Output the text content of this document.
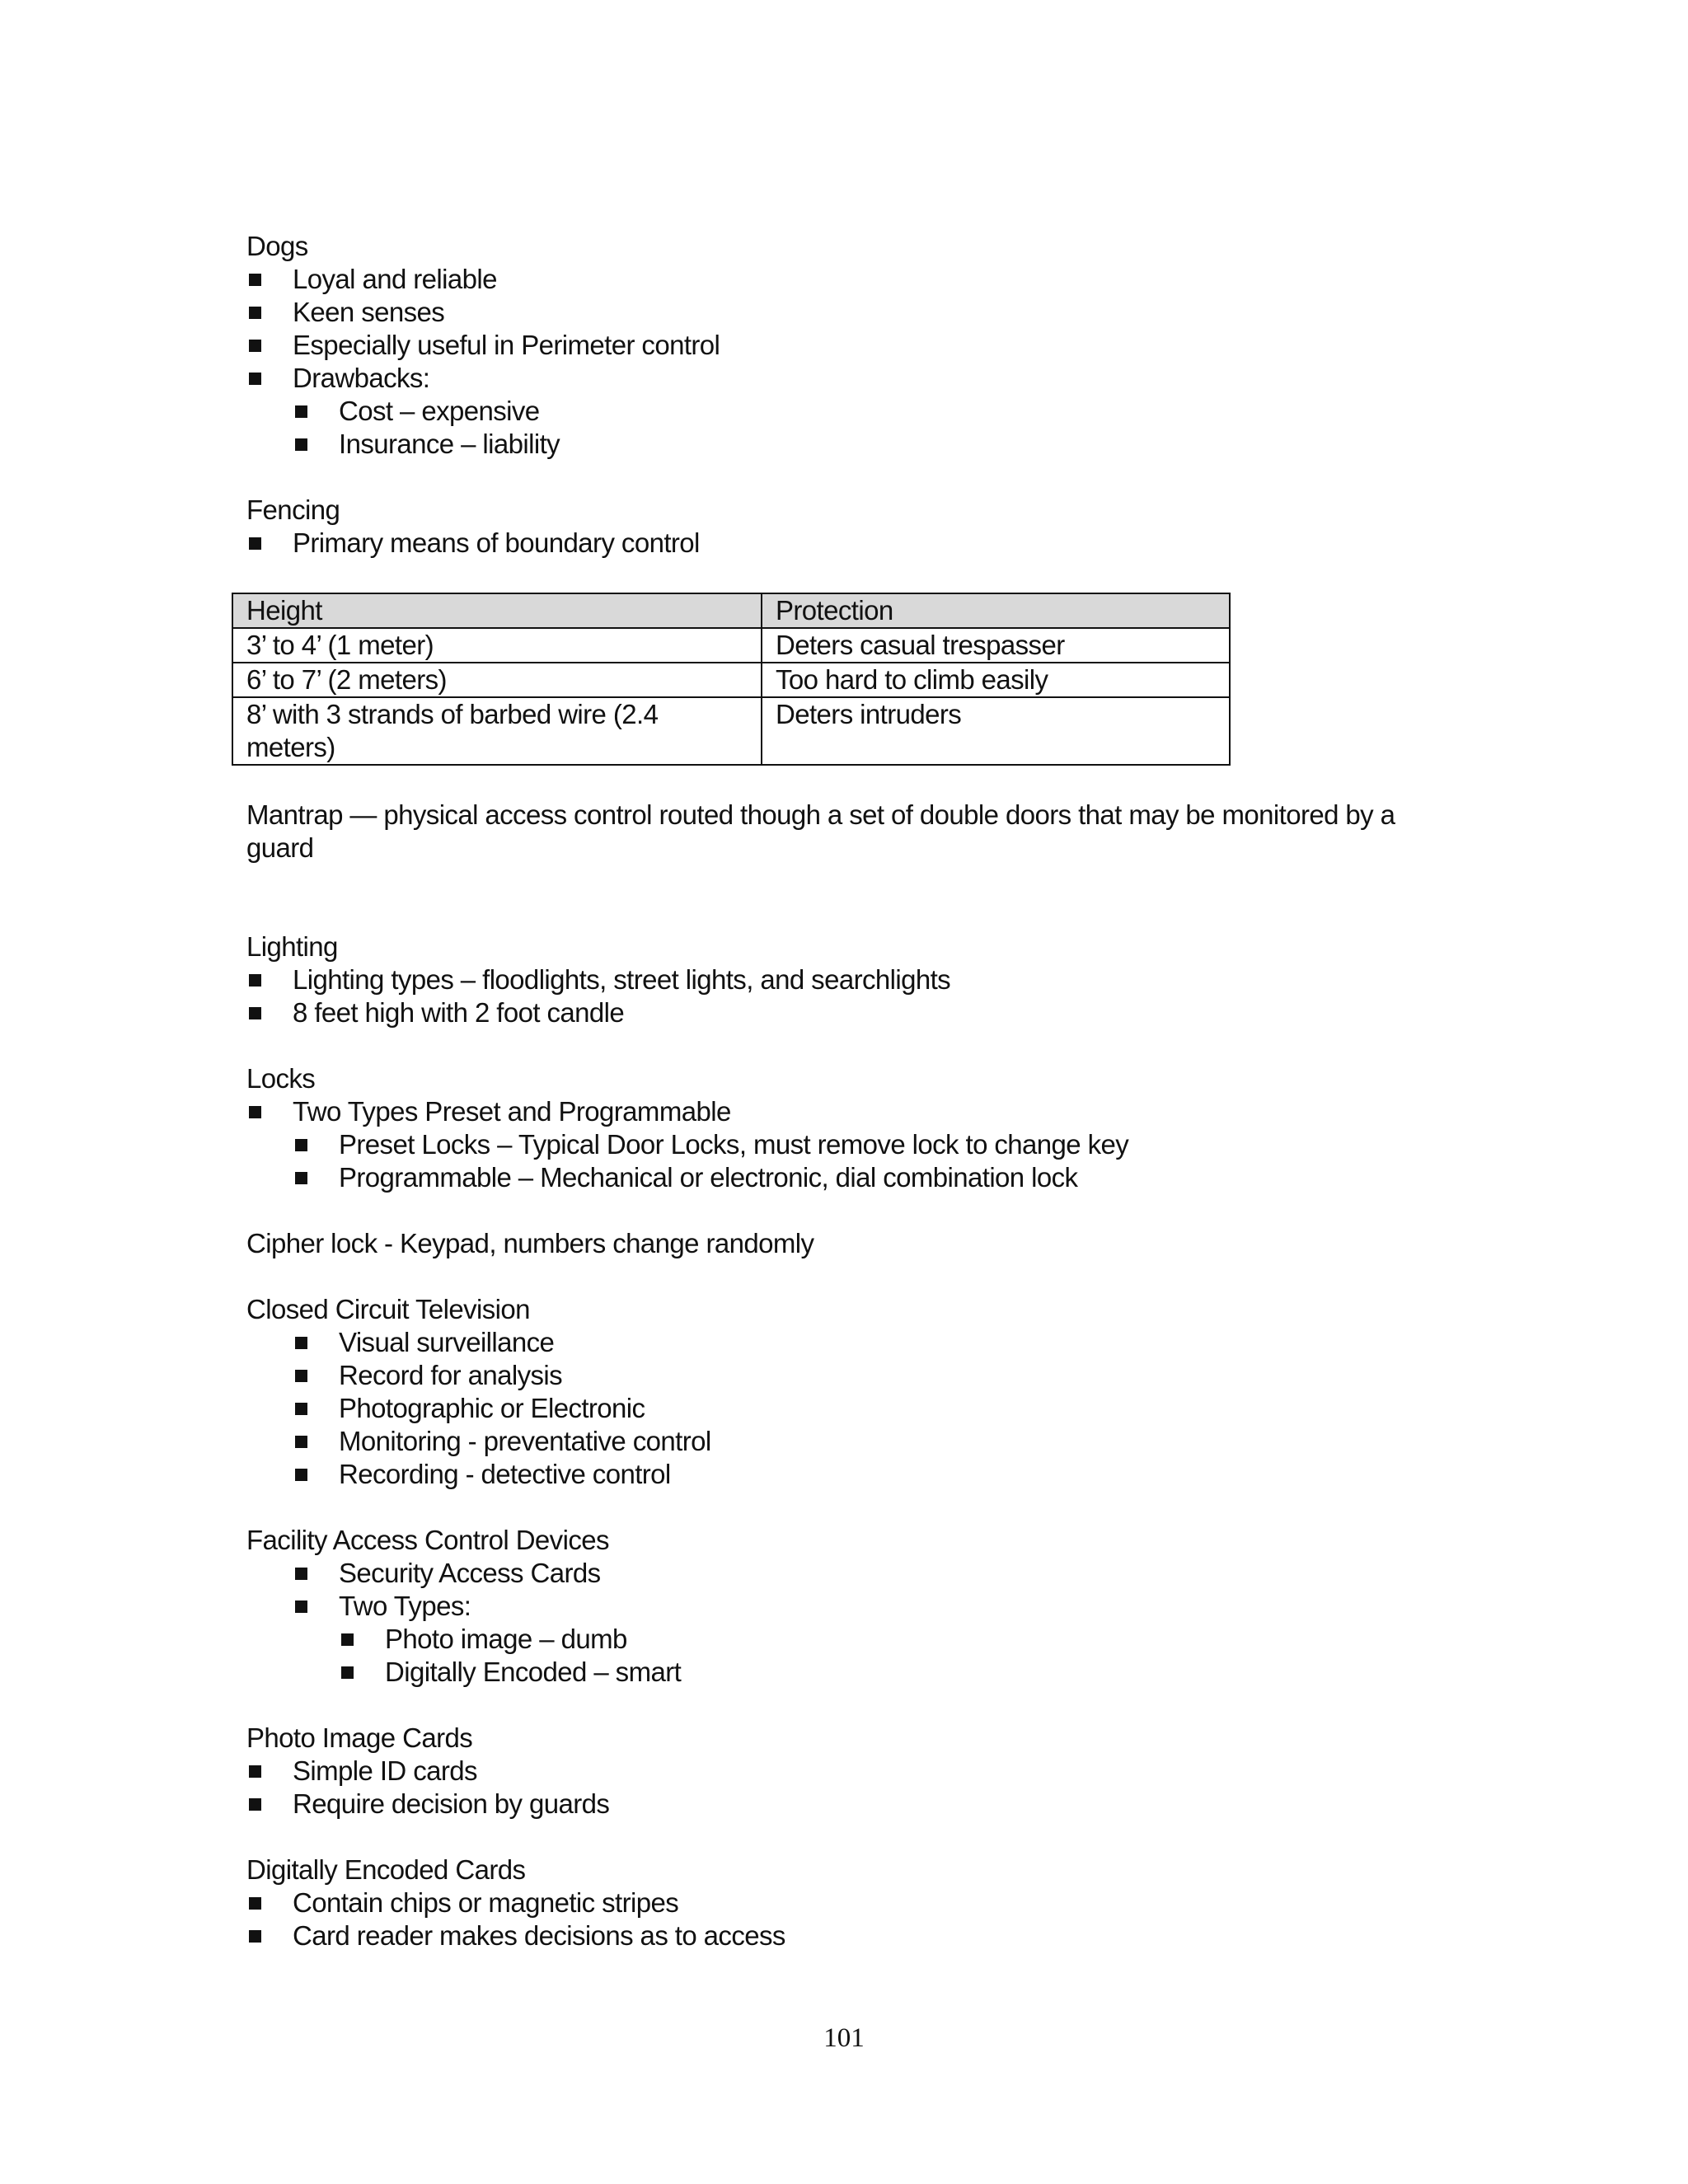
Dogs

Loyal and reliable
Keen senses
Especially useful in Perimeter control
Drawbacks:
Cost – expensive
Insurance – liability

Fencing

Primary means of boundary control
Height	Protection
3’ to 4’ (1 meter)	Deters casual trespasser
6’ to 7’ (2 meters)	Too hard to climb easily
8’ with 3 strands of barbed wire (2.4 meters)	Deters intruders

Mantrap — physical access control routed though a set of double doors that may be monitored by a guard

Lighting

Lighting types – floodlights, street lights, and searchlights
8 feet high with 2 foot candle

Locks

Two Types Preset and Programmable
Preset Locks – Typical Door Locks, must remove lock to change key
Programmable – Mechanical or electronic, dial combination lock

Cipher lock - Keypad, numbers change randomly

Closed Circuit Television

Visual surveillance
Record for analysis
Photographic or Electronic
Monitoring - preventative control
Recording - detective control

Facility Access Control Devices

Security Access Cards
Two Types:
Photo image – dumb
Digitally Encoded – smart

Photo Image Cards

Simple ID cards
Require decision by guards

Digitally Encoded Cards

Contain chips or magnetic stripes
Card reader makes decisions as to access
101
